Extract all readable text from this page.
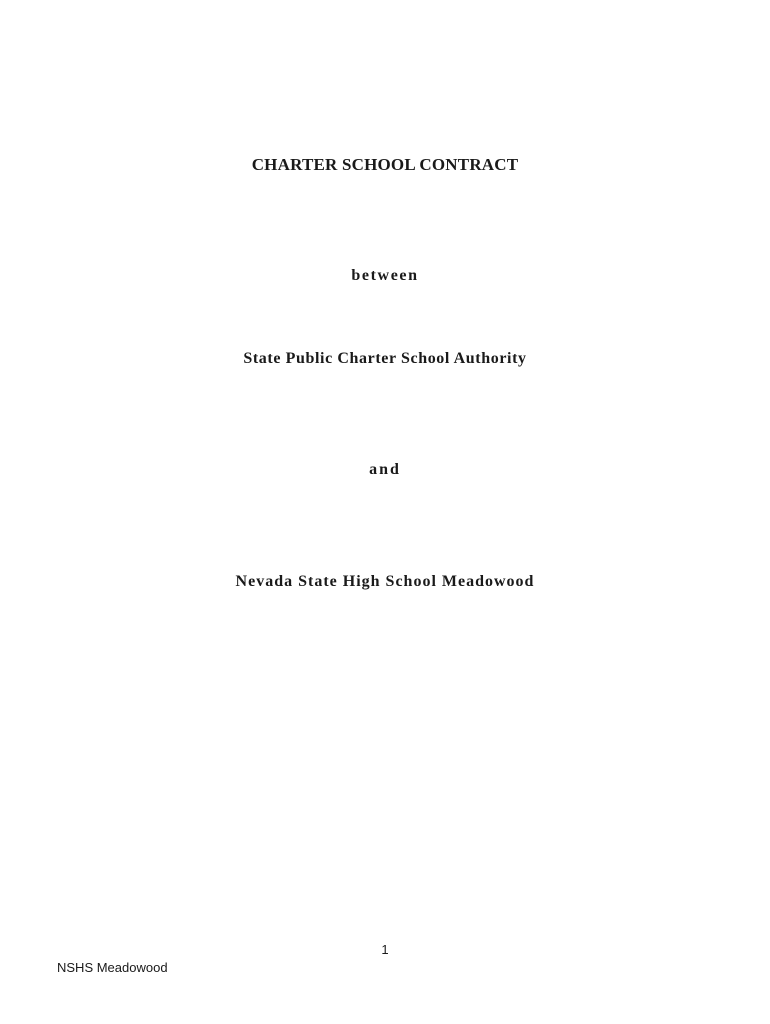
CHARTER SCHOOL CONTRACT
between
State Public Charter School Authority
and
Nevada State High School Meadowood
1
NSHS Meadowood
